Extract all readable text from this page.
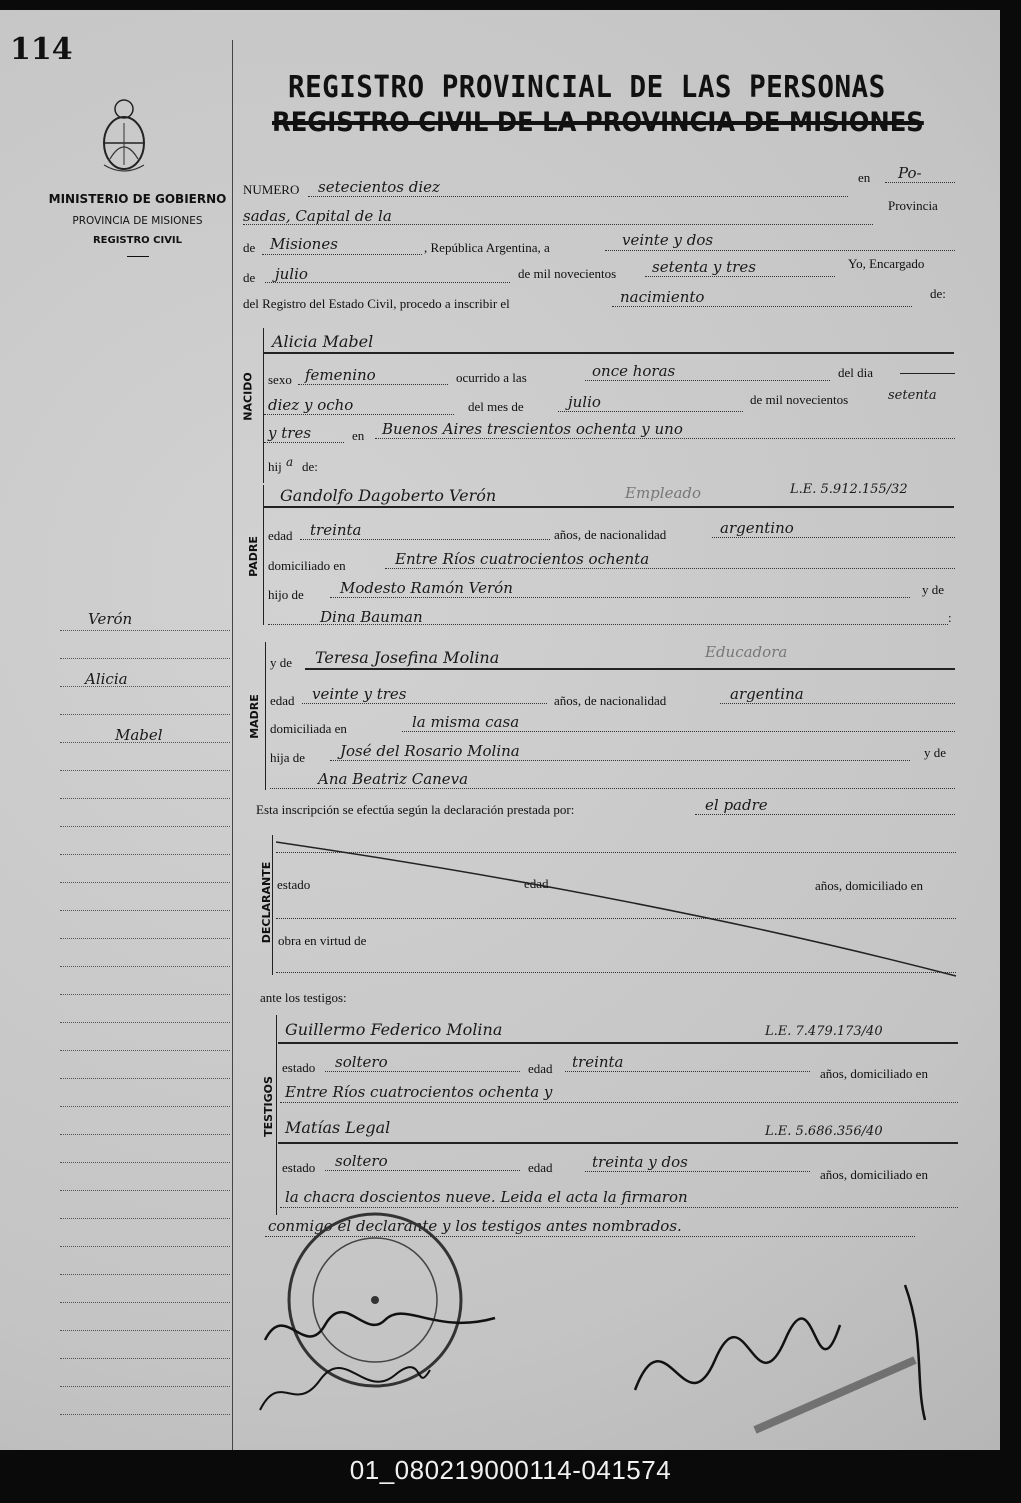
114
MINISTERIO DE GOBIERNO
PROVINCIA DE MISIONES
REGISTRO CIVIL
REGISTRO PROVINCIAL DE LAS PERSONAS
REGISTRO CIVIL DE LA PROVINCIA DE MISIONES
NUMERO setecientos diez
en Po-
sadas, Capital de la
Provincia
de Misiones	, República Argentina, a	veinte y dos
de julio	de mil novecientos setenta y tres	Yo, Encargado
del Registro del Estado Civil, procedo a inscribir el	nacimiento	de:
NACIDO
Alicia Mabel
sexo femenino	ocurrido a las	once horas	del dia
diez y ocho	del mes de	julio	de mil novecientos	setenta
y tres	en Buenos Aires trescientos ochenta y uno
hij a de:
PADRE
Gandolfo Dagoberto Verón	Empleado	L.E. 5.912.155/32
edad treinta	años, de nacionalidad	argentino
domiciliado en	Entre Ríos cuatrocientos ochenta
hijo de Modesto Ramón Verón	y de
Dina Bauman	:
MADRE
y de Teresa Josefina Molina	Educadora
edad veinte y tres	años, de nacionalidad	argentina
domiciliada en	la misma casa
hija de José del Rosario Molina	y de
Ana Beatriz Caneva
Esta inscripción se efectúa según la declaración prestada por:	el padre
DECLARANTE estado	edad	años, domiciliado en
obra en virtud de
ante los testigos:
TESTIGOS
Guillermo Federico Molina	L.E. 7.479.173/40
estado soltero	edad treinta
años, domiciliado en
Entre Ríos cuatrocientos ochenta y
Matías Legal	L.E. 5.686.356/40
estado soltero	edad	treinta y dos
años, domiciliado en
la chacra doscientos nueve. Leida el acta la firmaron
conmigo el declarante y los testigos antes nombrados.
Verón
Alicia
Mabel
01_080219000114-041574
